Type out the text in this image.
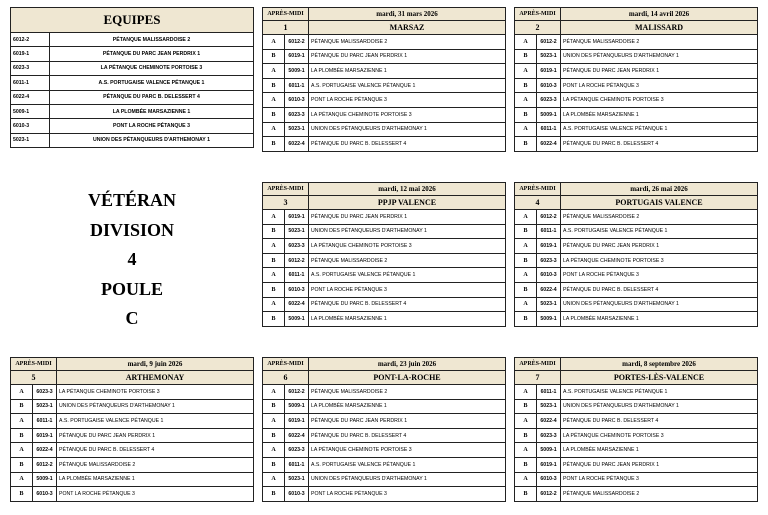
EQUIPES
6012-2	PÉTANQUE MALISSARDOISE 2
6019-1	PÉTANQUE DU PARC JEAN PERDRIX 1
6023-3	LA PÉTANQUE CHEMINOTE PORTOISE 3
6011-1	A.S. PORTUGAISE VALENCE PÉTANQUE 1
6022-4	PÉTANQUE DU PARC B. DELESSERT 4
5009-1	LA PLOMBÉE MARSAZIENNE 1
6010-3	PONT LA ROCHE PÉTANQUE 3
5023-1	UNION DES PÉTANQUEURS D'ARTHEMONAY 1
VÉTÉRAN
DIVISION
4
POULE
C
APRÈS-MIDI		mardi, 31 mars 2026
1		MARSAZ
A	6012-2	PÉTANQUE MALISSARDOISE 2
B	6019-1	PÉTANQUE DU PARC JEAN PERDRIX 1
A	5009-1	LA PLOMBÉE MARSAZIENNE 1
B	6011-1	A.S. PORTUGAISE VALENCE PÉTANQUE 1
A	6010-3	PONT LA ROCHE PÉTANQUE 3
B	6023-3	LA PÉTANQUE CHEMINOTE PORTOISE 3
A	5023-1	UNION DES PÉTANQUEURS D'ARTHEMONAY 1
B	6022-4	PÉTANQUE DU PARC B. DELESSERT 4
APRÈS-MIDI		mardi, 14 avril 2026
2		MALISSARD
A	6012-2	PÉTANQUE MALISSARDOISE 2
B	5023-1	UNION DES PÉTANQUEURS D'ARTHEMONAY 1
A	6019-1	PÉTANQUE DU PARC JEAN PERDRIX 1
B	6010-3	PONT LA ROCHE PÉTANQUE 3
A	6023-3	LA PÉTANQUE CHEMINOTE PORTOISE 3
B	5009-1	LA PLOMBÉE MARSAZIENNE 1
A	6011-1	A.S. PORTUGAISE VALENCE PÉTANQUE 1
B	6022-4	PÉTANQUE DU PARC B. DELESSERT 4
APRÈS-MIDI		mardi, 12 mai 2026
3		PPJP VALENCE
A	6019-1	PÉTANQUE DU PARC JEAN PERDRIX 1
B	5023-1	UNION DES PÉTANQUEURS D'ARTHEMONAY 1
A	6023-3	LA PÉTANQUE CHEMINOTE PORTOISE 3
B	6012-2	PÉTANQUE MALISSARDOISE 2
A	6011-1	A.S. PORTUGAISE VALENCE PÉTANQUE 1
B	6010-3	PONT LA ROCHE PÉTANQUE 3
A	6022-4	PÉTANQUE DU PARC B. DELESSERT 4
B	5009-1	LA PLOMBÉE MARSAZIENNE 1
APRÈS-MIDI		mardi, 26 mai 2026
4		PORTUGAIS VALENCE
A	6012-2	PÉTANQUE MALISSARDOISE 2
B	6011-1	A.S. PORTUGAISE VALENCE PÉTANQUE 1
A	6019-1	PÉTANQUE DU PARC JEAN PERDRIX 1
B	6023-3	LA PÉTANQUE CHEMINOTE PORTOISE 3
A	6010-3	PONT LA ROCHE PÉTANQUE 3
B	6022-4	PÉTANQUE DU PARC B. DELESSERT 4
A	5023-1	UNION DES PÉTANQUEURS D'ARTHEMONAY 1
B	5009-1	LA PLOMBÉE MARSAZIENNE 1
APRÈS-MIDI		mardi, 9 juin 2026
5		ARTHEMONAY
A	6023-3	LA PÉTANQUE CHEMINOTE PORTOISE 3
B	5023-1	UNION DES PÉTANQUEURS D'ARTHEMONAY 1
A	6011-1	A.S. PORTUGAISE VALENCE PÉTANQUE 1
B	6019-1	PÉTANQUE DU PARC JEAN PERDRIX 1
A	6022-4	PÉTANQUE DU PARC B. DELESSERT 4
B	6012-2	PÉTANQUE MALISSARDOISE 2
A	5009-1	LA PLOMBÉE MARSAZIENNE 1
B	6010-3	PONT LA ROCHE PÉTANQUE 3
APRÈS-MIDI		mardi, 23 juin 2026
6		PONT-LA-ROCHE
A	6012-2	PÉTANQUE MALISSARDOISE 2
B	5009-1	LA PLOMBÉE MARSAZIENNE 1
A	6019-1	PÉTANQUE DU PARC JEAN PERDRIX 1
B	6022-4	PÉTANQUE DU PARC B. DELESSERT 4
A	6023-3	LA PÉTANQUE CHEMINOTE PORTOISE 3
B	6011-1	A.S. PORTUGAISE VALENCE PÉTANQUE 1
A	5023-1	UNION DES PÉTANQUEURS D'ARTHEMONAY 1
B	6010-3	PONT LA ROCHE PÉTANQUE 3
APRÈS-MIDI		mardi, 8 septembre 2026
7		PORTES-LÈS-VALENCE
A	6011-1	A.S. PORTUGAISE VALENCE PÉTANQUE 1
B	5023-1	UNION DES PÉTANQUEURS D'ARTHEMONAY 1
A	6022-4	PÉTANQUE DU PARC B. DELESSERT 4
B	6023-3	LA PÉTANQUE CHEMINOTE PORTOISE 3
A	5009-1	LA PLOMBÉE MARSAZIENNE 1
B	6019-1	PÉTANQUE DU PARC JEAN PERDRIX 1
A	6010-3	PONT LA ROCHE PÉTANQUE 3
B	6012-2	PÉTANQUE MALISSARDOISE 2
